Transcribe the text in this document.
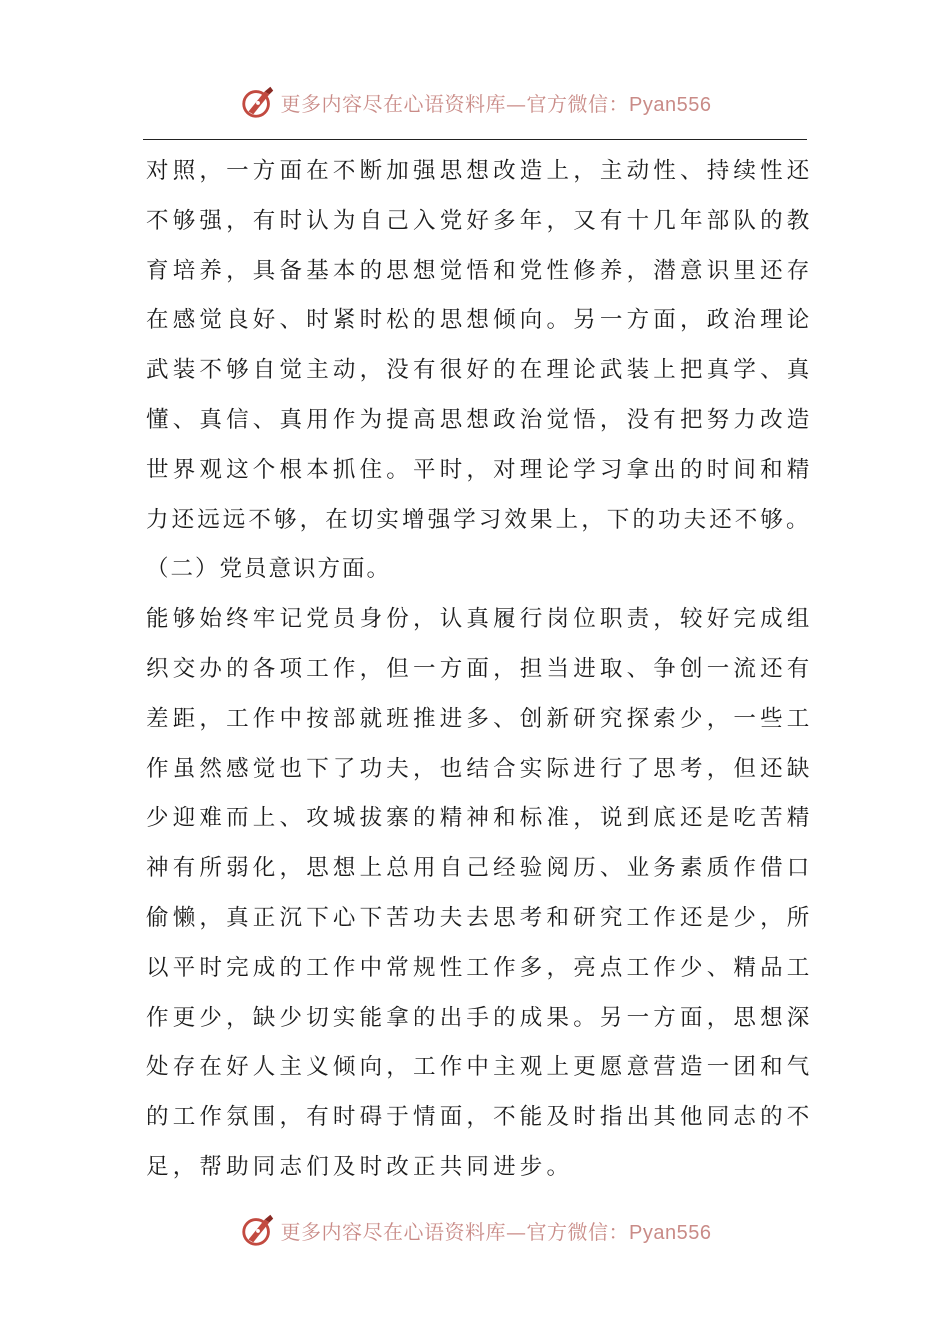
更多内容尽在心语资料库—官方微信：Pyan556
对照，一方面在不断加强思想改造上，主动性、持续性还
不够强，有时认为自己入党好多年，又有十几年部队的教
育培养，具备基本的思想觉悟和党性修养，潜意识里还存
在感觉良好、时紧时松的思想倾向。另一方面，政治理论
武装不够自觉主动，没有很好的在理论武装上把真学、真
懂、真信、真用作为提高思想政治觉悟，没有把努力改造
世界观这个根本抓住。平时，对理论学习拿出的时间和精
力还远远不够，在切实增强学习效果上，下的功夫还不够。
（二）党员意识方面。
能够始终牢记党员身份，认真履行岗位职责，较好完成组
织交办的各项工作，但一方面，担当进取、争创一流还有
差距，工作中按部就班推进多、创新研究探索少，一些工
作虽然感觉也下了功夫，也结合实际进行了思考，但还缺
少迎难而上、攻城拔寨的精神和标准，说到底还是吃苦精
神有所弱化，思想上总用自己经验阅历、业务素质作借口
偷懒，真正沉下心下苦功夫去思考和研究工作还是少，所
以平时完成的工作中常规性工作多，亮点工作少、精品工
作更少，缺少切实能拿的出手的成果。另一方面，思想深
处存在好人主义倾向，工作中主观上更愿意营造一团和气
的工作氛围，有时碍于情面，不能及时指出其他同志的不
足，帮助同志们及时改正共同进步。
更多内容尽在心语资料库—官方微信：Pyan556
